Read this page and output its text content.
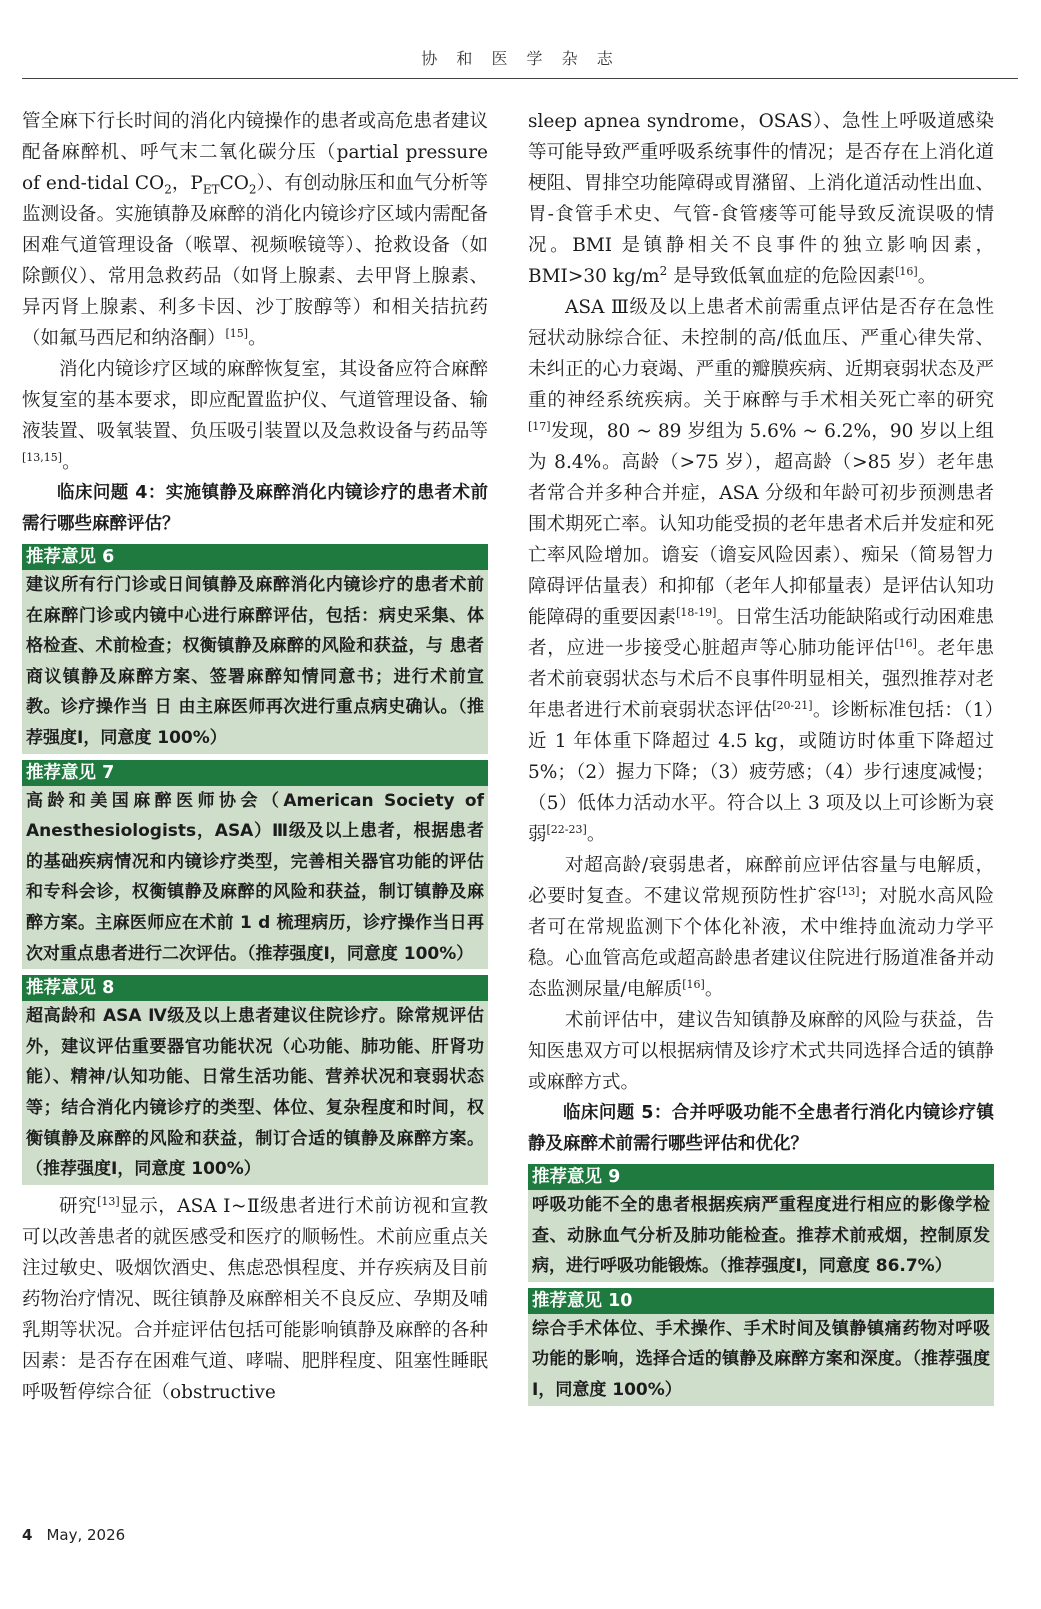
协 和 医 学 杂 志

管全麻下行长时间的消化内镜操作的患者或高危患者建议配备麻醉机、呼气末二氧化碳分压（partial pressure of end-tidal $CO_2$，$P_{ET}CO_2$）、有创动脉压和血气分析等监测设备。实施镇静及麻醉的消化内镜诊疗区域内需配备困难气道管理设备（喉罩、视频喉镜等）、抢救设备（如除颤仪）、常用急救药品（如肾上腺素、去甲肾上腺素、异丙肾上腺素、利多卡因、沙丁胺醇等）和相关拮抗药（如氟马西尼和纳洛酮）[15]。

消化内镜诊疗区域的麻醉恢复室，其设备应符合麻醉恢复室的基本要求，即应配置监护仪、气道管理设备、输液装置、吸氧装置、负压吸引装置以及急救设备与药品等[13,15]。

临床问题 4：实施镇静及麻醉消化内镜诊疗的患者术前需行哪些麻醉评估？

推荐意见 6
建议所有行门诊或日间镇静及麻醉消化内镜诊疗的患者术前在麻醉门诊或内镜中心进行麻醉评估，包括：病史采集、体格检查、术前检查；权衡镇静及麻醉的风险和获益，与 患者商议镇静及麻醉方案、签署麻醉知情同意书；进行术前宣教。诊疗操作当 日 由主麻医师再次进行重点病史确认。（推荐强度Ⅰ，同意度 100%）
推荐意见 7
高龄和美国麻醉医师协会（American Society of Anesthesiologists，ASA）Ⅲ级及以上患者，根据患者的基础疾病情况和内镜诊疗类型，完善相关器官功能的评估和专科会诊，权衡镇静及麻醉的风险和获益，制订镇静及麻醉方案。主麻医师应在术前 1 d 梳理病历，诊疗操作当日再次对重点患者进行二次评估。（推荐强度Ⅰ，同意度 100%）
推荐意见 8
超高龄和 ASA Ⅳ级及以上患者建议住院诊疗。除常规评估外，建议评估重要器官功能状况（心功能、肺功能、肝肾功能）、精神/认知功能、日常生活功能、营养状况和衰弱状态等；结合消化内镜诊疗的类型、体位、复杂程度和时间，权衡镇静及麻醉的风险和获益，制订合适的镇静及麻醉方案。（推荐强度Ⅰ，同意度 100%）

研究[13]显示，ASA Ⅰ~Ⅱ级患者进行术前访视和宣教可以改善患者的就医感受和医疗的顺畅性。术前应重点关注过敏史、吸烟饮酒史、焦虑恐惧程度、并存疾病及目前药物治疗情况、既往镇静及麻醉相关不良反应、孕期及哺乳期等状况。合并症评估包括可能影响镇静及麻醉的各种因素：是否存在困难气道、哮喘、肥胖程度、阻塞性睡眠呼吸暂停综合征（obstructive

sleep apnea syndrome，OSAS）、急性上呼吸道感染等可能导致严重呼吸系统事件的情况；是否存在上消化道梗阻、胃排空功能障碍或胃潴留、上消化道活动性出血、胃-食管手术史、气管-食管瘘等可能导致反流误吸的情况。BMI 是镇静相关不良事件的独立影响因素，BMI>30 $kg/m^2$ 是导致低氧血症的危险因素[16]。

ASA Ⅲ级及以上患者术前需重点评估是否存在急性冠状动脉综合征、未控制的高/低血压、严重心律失常、未纠正的心力衰竭、严重的瓣膜疾病、近期衰弱状态及严重的神经系统疾病。关于麻醉与手术相关死亡率的研究[17]发现，80 ~ 89 岁组为 5.6% ~ 6.2%，90 岁以上组为 8.4%。高龄（>75 岁），超高龄（>85 岁）老年患者常合并多种合并症，ASA 分级和年龄可初步预测患者围术期死亡率。认知功能受损的老年患者术后并发症和死亡率风险增加。谵妄（谵妄风险因素）、痴呆（简易智力障碍评估量表）和抑郁（老年人抑郁量表）是评估认知功能障碍的重要因素[18-19]。日常生活功能缺陷或行动困难患者，应进一步接受心脏超声等心肺功能评估[16]。老年患者术前衰弱状态与术后不良事件明显相关，强烈推荐对老年患者进行术前衰弱状态评估[20-21]。诊断标准包括：（1）近 1 年体重下降超过 4.5 kg，或随访时体重下降超过 5%；（2）握力下降；（3）疲劳感；（4）步行速度减慢；（5）低体力活动水平。符合以上 3 项及以上可诊断为衰弱[22-23]。

对超高龄/衰弱患者，麻醉前应评估容量与电解质，必要时复查。不建议常规预防性扩容[13]；对脱水高风险者可在常规监测下个体化补液，术中维持血流动力学平稳。心血管高危或超高龄患者建议住院进行肠道准备并动态监测尿量/电解质[16]。

术前评估中，建议告知镇静及麻醉的风险与获益，告知医患双方可以根据病情及诊疗术式共同选择合适的镇静或麻醉方式。

临床问题 5：合并呼吸功能不全患者行消化内镜诊疗镇静及麻醉术前需行哪些评估和优化？

推荐意见 9
呼吸功能不全的患者根据疾病严重程度进行相应的影像学检查、动脉血气分析及肺功能检查。推荐术前戒烟，控制原发病，进行呼吸功能锻炼。（推荐强度Ⅰ，同意度 86.7%）
推荐意见 10
综合手术体位、手术操作、手术时间及镇静镇痛药物对呼吸功能的影响，选择合适的镇静及麻醉方案和深度。（推荐强度Ⅰ，同意度 100%）
4 May, 2026
